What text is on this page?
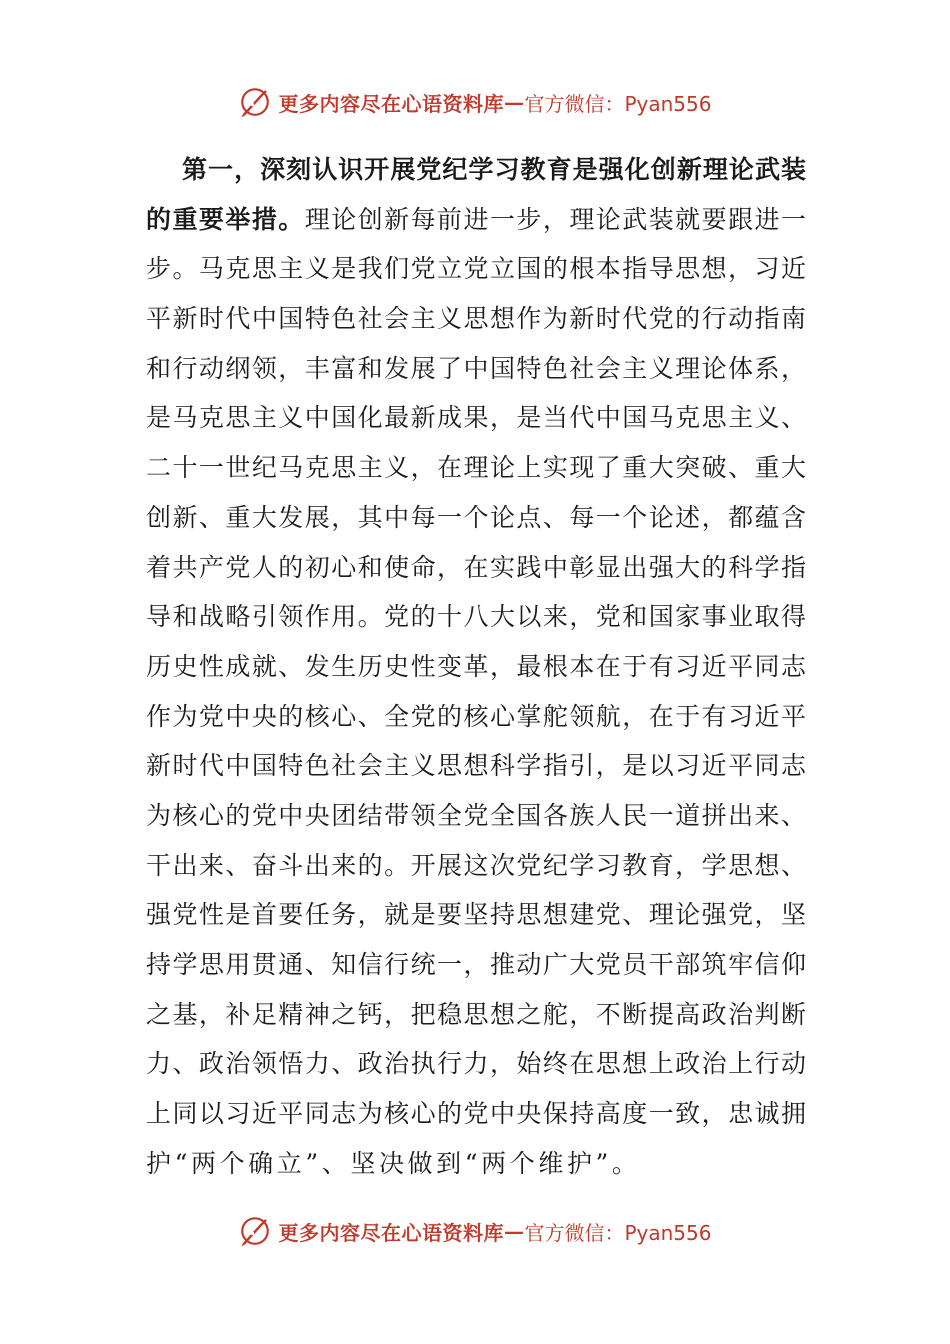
更多内容尽在心语资料库 — 官方微信：Pyan556
第一，深刻认识开展党纪学习教育是强化创新理论武装
的重要举措。理论创新每前进一步，理论武装就要跟进一
步。马克思主义是我们党立党立国的根本指导思想，习近
平新时代中国特色社会主义思想作为新时代党的行动指南
和行动纲领，丰富和发展了中国特色社会主义理论体系，
是马克思主义中国化最新成果，是当代中国马克思主义、
二十一世纪马克思主义，在理论上实现了重大突破、重大
创新、重大发展，其中每一个论点、每一个论述，都蕴含
着共产党人的初心和使命，在实践中彰显出强大的科学指
导和战略引领作用。党的十八大以来，党和国家事业取得
历史性成就、发生历史性变革，最根本在于有习近平同志
作为党中央的核心、全党的核心掌舵领航，在于有习近平
新时代中国特色社会主义思想科学指引，是以习近平同志
为核心的党中央团结带领全党全国各族人民一道拼出来、
干出来、奋斗出来的。开展这次党纪学习教育，学思想、
强党性是首要任务，就是要坚持思想建党、理论强党，坚
持学思用贯通、知信行统一，推动广大党员干部筑牢信仰
之基，补足精神之钙，把稳思想之舵，不断提高政治判断
力、政治领悟力、政治执行力，始终在思想上政治上行动
上同以习近平同志为核心的党中央保持高度一致，忠诚拥
护“两个确立”、坚决做到“两个维护”。
更多内容尽在心语资料库 — 官方微信：Pyan556
